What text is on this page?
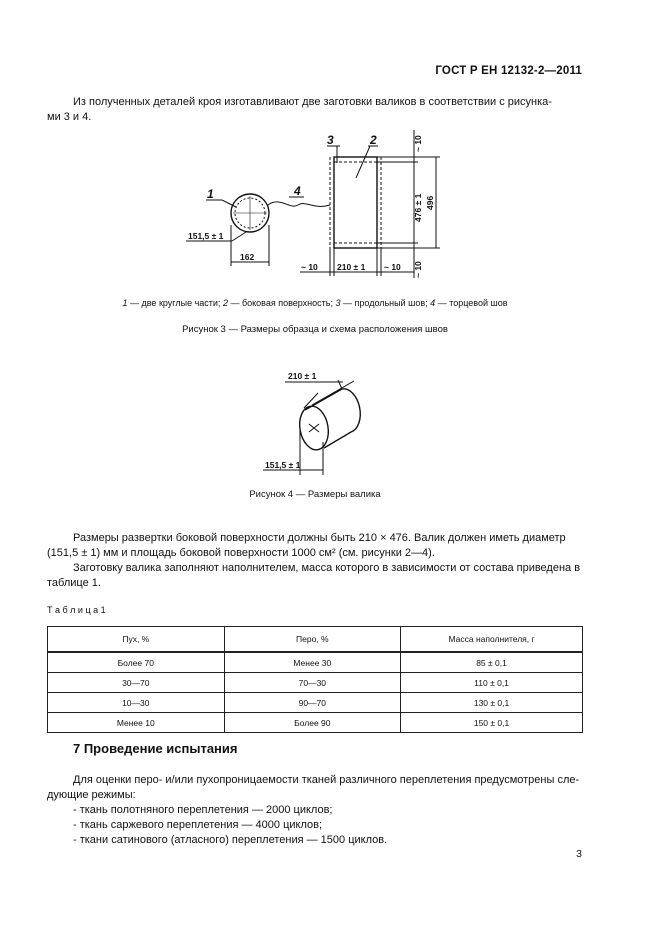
ГОСТ Р ЕН 12132-2—2011
Из полученных деталей кроя изготавливают две заготовки валиков в соответствии с рисунка-
ми 3 и 4.
1	4
3	2
151,5 ± 1
162
~ 10 210 ± 1 ~ 10
~ 10
~ 10
476 ± 1 496
1 — две круглые части; 2 — боковая поверхность; 3 — продольный шов; 4 — торцевой шов
Рисунок 3 — Размеры образца и схема расположения швов
210 ± 1
151,5 ± 1
Рисунок 4 — Размеры валика
Размеры развертки боковой поверхности должны быть 210 × 476. Валик должен иметь диаметр
(151,5 ± 1) мм и площадь боковой поверхности 1000 см² (см. рисунки 2—4).
Заготовку валика заполняют наполнителем, масса которого в зависимости от состава приведена в
таблице 1.
Т а б л и ц а 1
Пух, %	Перо, %	Масса наполнителя, г
Более 70	Менее 30	85 ± 0,1
30—70	70—30	110 ± 0,1
10—30	90—70	130 ± 0,1
Менее 10	Более 90	150 ± 0,1
7 Проведение испытания
Для оценки перо- и/или пухопроницаемости тканей различного переплетения предусмотрены сле-
дующие режимы:
- ткань полотняного переплетения — 2000 циклов;
- ткань саржевого переплетения — 4000 циклов;
- ткани сатинового (атласного) переплетения — 1500 циклов.
3
